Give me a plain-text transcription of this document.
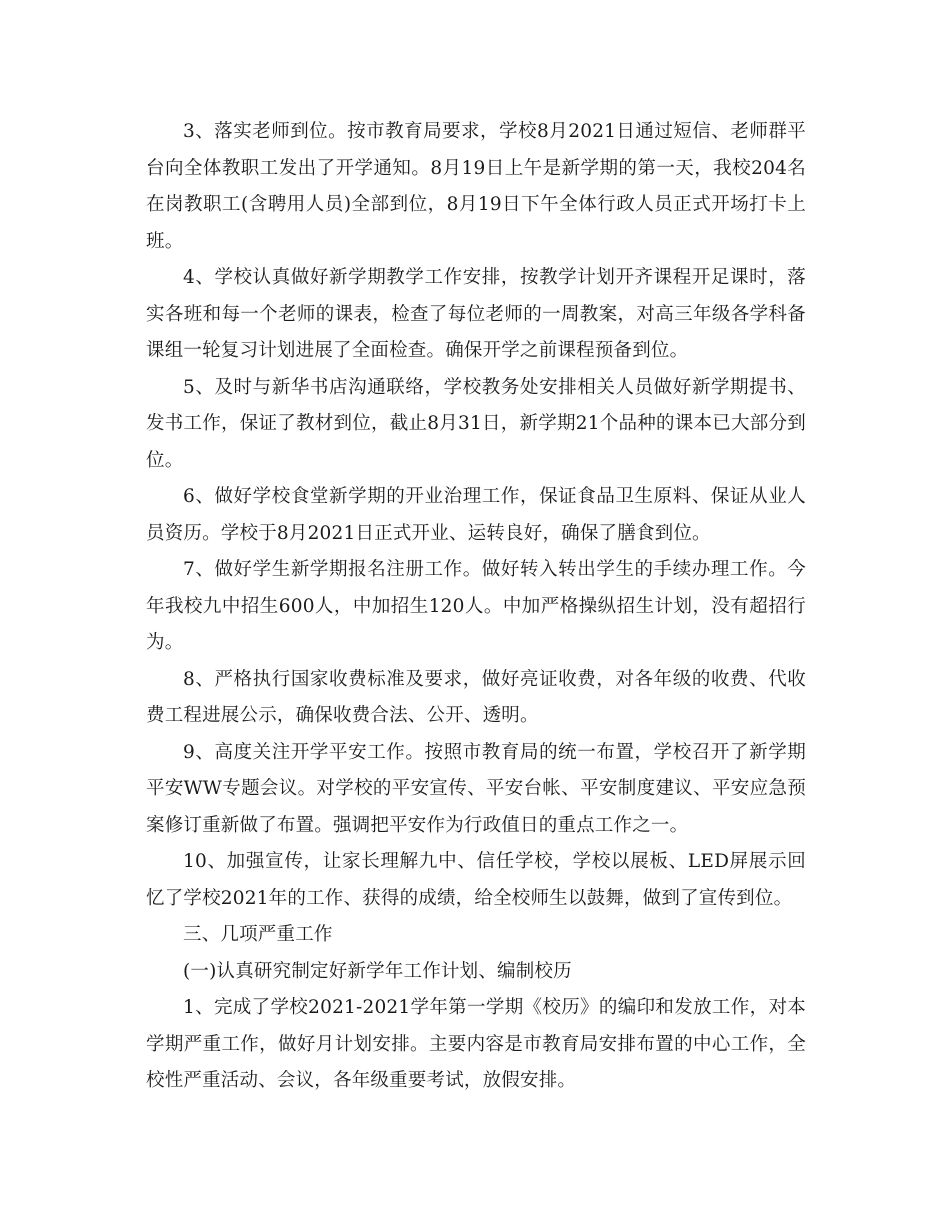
3、落实老师到位。按市教育局要求，学校8月2021日通过短信、老师群平台向全体教职工发出了开学通知。8月19日上午是新学期的第一天，我校204名在岗教职工(含聘用人员)全部到位，8月19日下午全体行政人员正式开场打卡上班。

4、学校认真做好新学期教学工作安排，按教学计划开齐课程开足课时，落实各班和每一个老师的课表，检查了每位老师的一周教案，对高三年级各学科备课组一轮复习计划进展了全面检查。确保开学之前课程预备到位。

5、及时与新华书店沟通联络，学校教务处安排相关人员做好新学期提书、发书工作，保证了教材到位，截止8月31日，新学期21个品种的课本已大部分到位。

6、做好学校食堂新学期的开业治理工作，保证食品卫生原料、保证从业人员资历。学校于8月2021日正式开业、运转良好，确保了膳食到位。

7、做好学生新学期报名注册工作。做好转入转出学生的手续办理工作。今年我校九中招生600人，中加招生120人。中加严格操纵招生计划，没有超招行为。

8、严格执行国家收费标准及要求，做好亮证收费，对各年级的收费、代收费工程进展公示，确保收费合法、公开、透明。

9、高度关注开学平安工作。按照市教育局的统一布置，学校召开了新学期平安WW专题会议。对学校的平安宣传、平安台帐、平安制度建议、平安应急预案修订重新做了布置。强调把平安作为行政值日的重点工作之一。

10、加强宣传，让家长理解九中、信任学校，学校以展板、LED屏展示回忆了学校2021年的工作、获得的成绩，给全校师生以鼓舞，做到了宣传到位。

三、几项严重工作

(一)认真研究制定好新学年工作计划、编制校历

1、完成了学校2021-2021学年第一学期《校历》的编印和发放工作，对本学期严重工作，做好月计划安排。主要内容是市教育局安排布置的中心工作，全校性严重活动、会议，各年级重要考试，放假安排。
